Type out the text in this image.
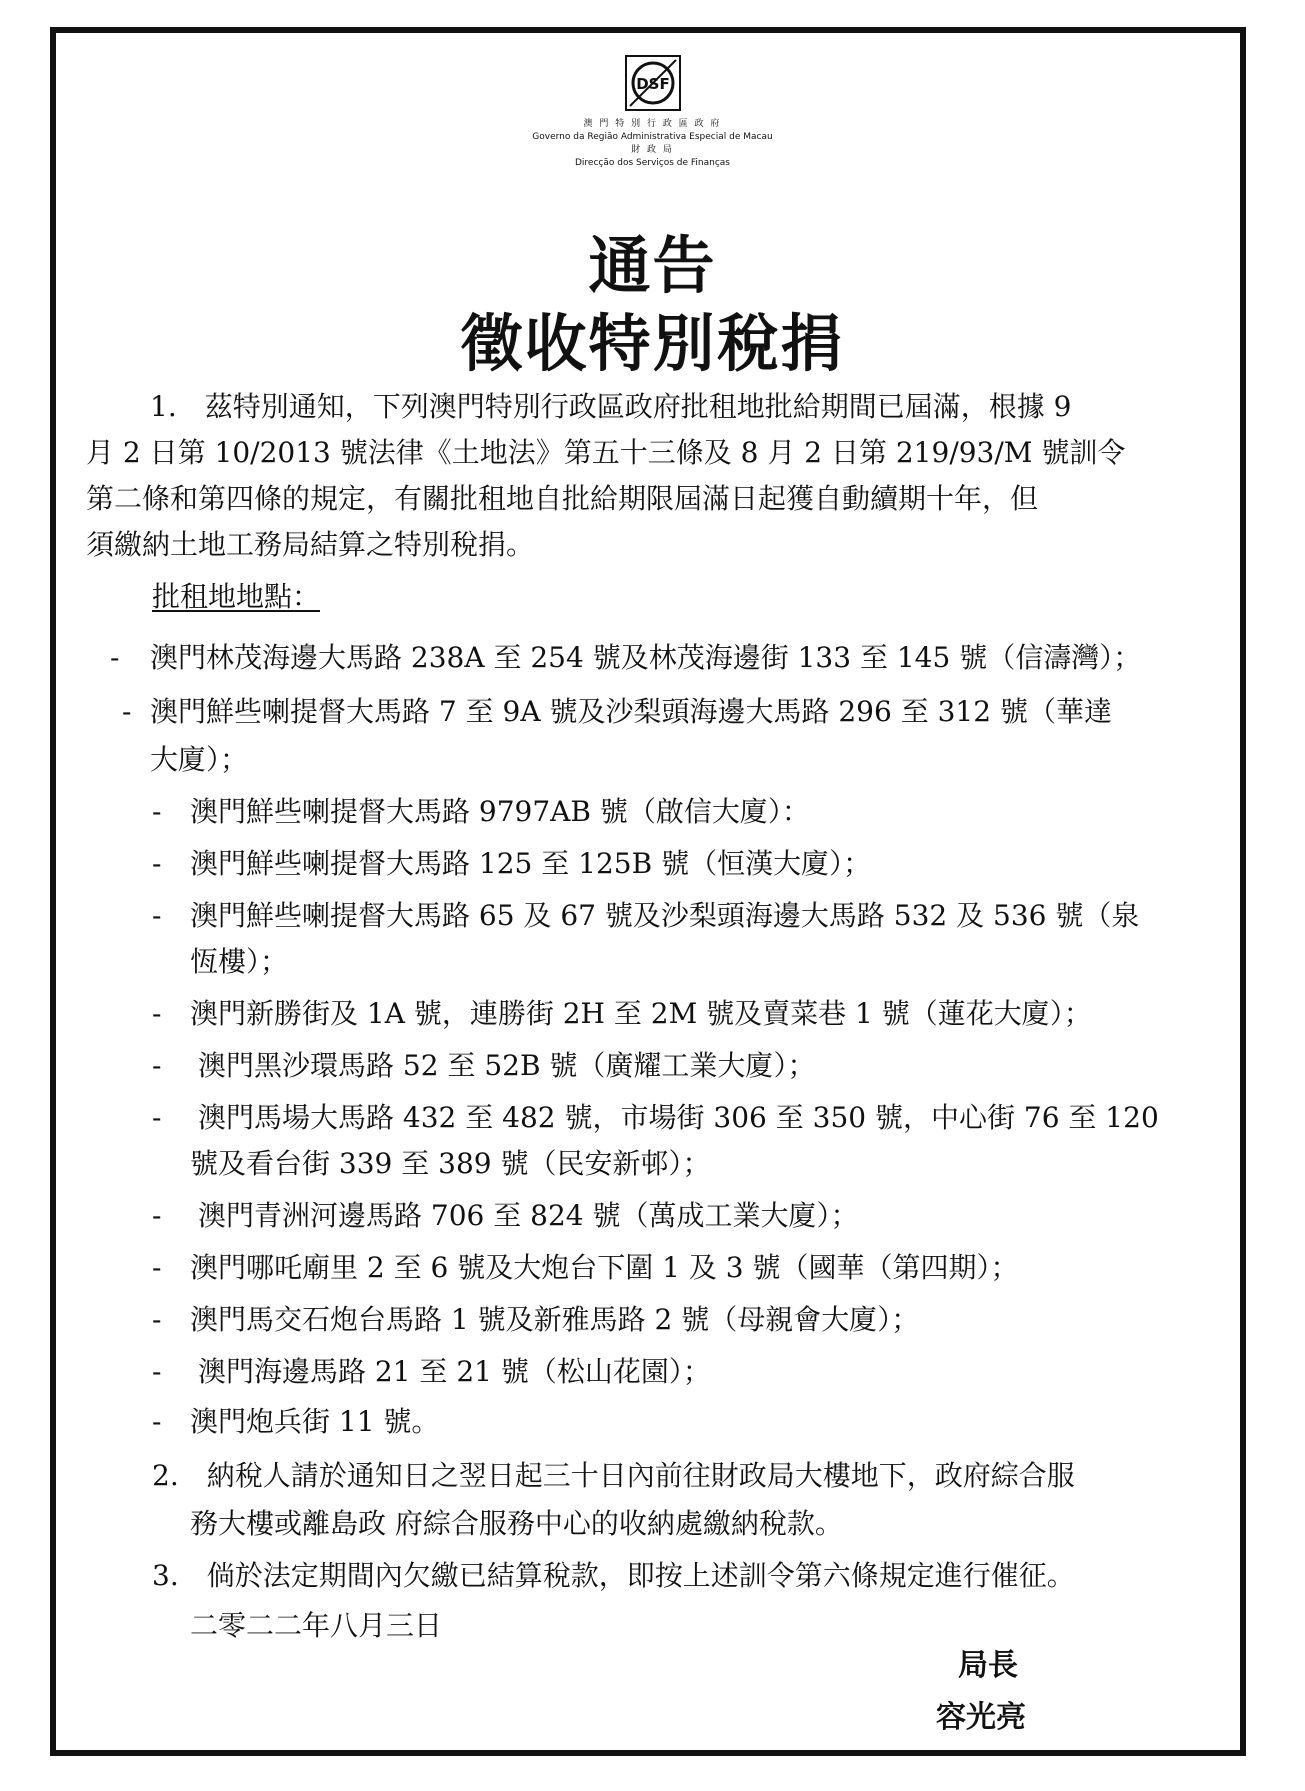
DSF
澳 門 特 別 行 政 區 政 府
Governo da Região Administrativa Especial de Macau
財 政 局
Direcção dos Serviços de Finanças
通告
徵收特別稅捐
1.　茲特別通知，下列澳門特別行政區政府批租地批給期間已屆滿，根據 9
月 2 日第 10/2013 號法律《土地法》第五十三條及 8 月 2 日第 219/93/M 號訓令
第二條和第四條的規定，有關批租地自批給期限屆滿日起獲自動續期十年，但
須繳納土地工務局結算之特別稅捐。
批租地地點：
- 澳門林茂海邊大馬路 238A 至 254 號及林茂海邊街 133 至 145 號（信濤灣）；
- 澳門鮮些喇提督大馬路 7 至 9A 號及沙梨頭海邊大馬路 296 至 312 號（華達
大廈）；
- 澳門鮮些喇提督大馬路 9797AB 號（啟信大廈）：
- 澳門鮮些喇提督大馬路 125 至 125B 號（恒漢大廈）；
- 澳門鮮些喇提督大馬路 65 及 67 號及沙梨頭海邊大馬路 532 及 536 號（泉
恆樓）；
- 澳門新勝街及 1A 號，連勝街 2H 至 2M 號及賣菜巷 1 號（蓮花大廈）；
- 澳門黑沙環馬路 52 至 52B 號（廣耀工業大廈）；
- 澳門馬場大馬路 432 至 482 號，市場街 306 至 350 號，中心街 76 至 120
號及看台街 339 至 389 號（民安新邨）；
- 澳門青洲河邊馬路 706 至 824 號（萬成工業大廈）；
- 澳門哪吒廟里 2 至 6 號及大炮台下圍 1 及 3 號（國華（第四期）；
- 澳門馬交石炮台馬路 1 號及新雅馬路 2 號（母親會大廈）；
- 澳門海邊馬路 21 至 21 號（松山花園）；
- 澳門炮兵街 11 號。
2.　納稅人請於通知日之翌日起三十日內前往財政局大樓地下，政府綜合服
務大樓或離島政 府綜合服務中心的收納處繳納稅款。
3.　倘於法定期間內欠繳已結算稅款，即按上述訓令第六條規定進行催征。
二零二二年八月三日
局長
容光亮
